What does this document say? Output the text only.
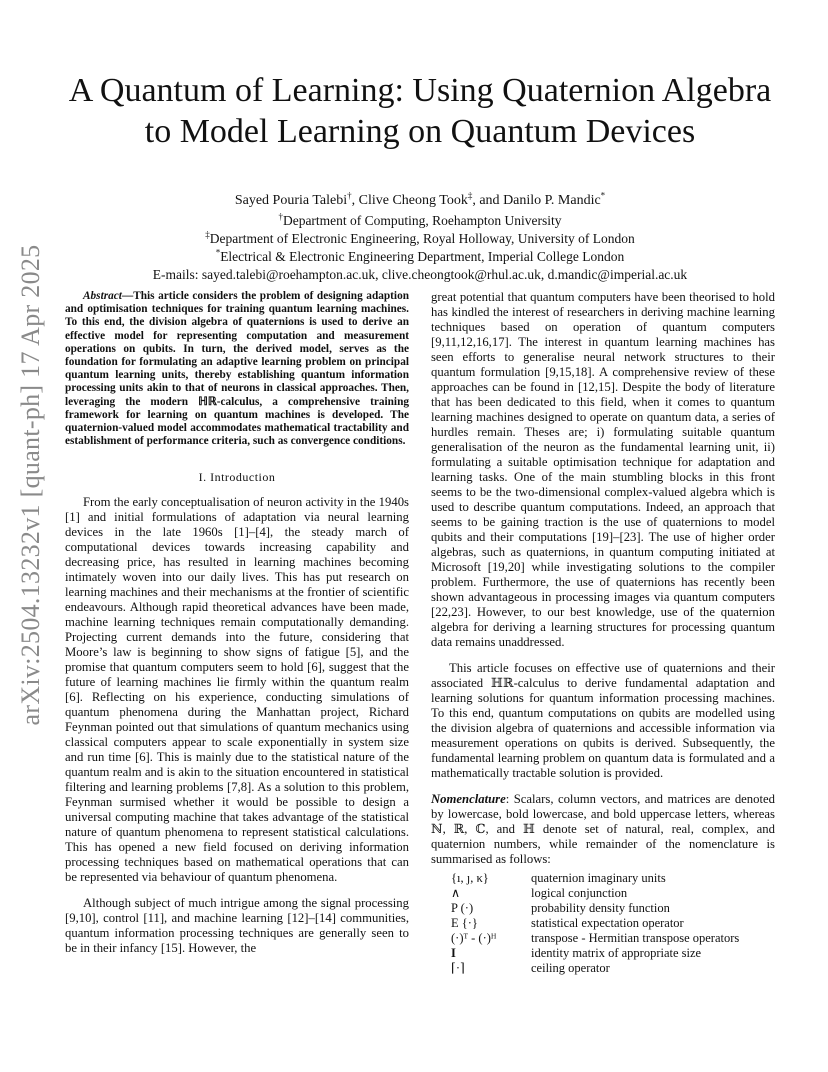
arXiv:2504.13232v1 [quant-ph] 17 Apr 2025
A Quantum of Learning: Using Quaternion Algebra
to Model Learning on Quantum Devices
Sayed Pouria Talebi†, Clive Cheong Took‡, and Danilo P. Mandic*
†Department of Computing, Roehampton University
‡Department of Electronic Engineering, Royal Holloway, University of London
*Electrical & Electronic Engineering Department, Imperial College London
E-mails: sayed.talebi@roehampton.ac.uk, clive.cheongtook@rhul.ac.uk, d.mandic@imperial.ac.uk

Abstract—This article considers the problem of designing adaption and optimisation techniques for training quantum learning machines. To this end, the division algebra of quaternions is used to derive an effective model for representing computation and measurement operations on qubits. In turn, the derived model, serves as the foundation for formulating an adaptive learning problem on principal quantum learning units, thereby establishing quantum information processing units akin to that of neurons in classical approaches. Then, leveraging the modern ℍℝ-calculus, a comprehensive training framework for learning on quantum machines is developed. The quaternion-valued model accommodates mathematical tractability and establishment of performance criteria, such as convergence conditions.

I. Introduction

From the early conceptualisation of neuron activity in the 1940s [1] and initial formulations of adaptation via neural learning devices in the late 1960s [1]–[4], the steady march of computational devices towards increasing capability and decreasing price, has resulted in learning machines becoming intimately woven into our daily lives. This has put research on learning machines and their mechanisms at the frontier of scientific endeavours. Although rapid theoretical advances have been made, machine learning techniques remain computationally demanding. Projecting current demands into the future, considering that Moore’s law is beginning to show signs of fatigue [5], and the promise that quantum computers seem to hold [6], suggest that the future of learning machines lie firmly within the quantum realm [6]. Reflecting on his experience, conducting simulations of quantum phenomena during the Manhattan project, Richard Feynman pointed out that simulations of quantum mechanics using classical computers appear to scale exponentially in system size and run time [6]. This is mainly due to the statistical nature of the quantum realm and is akin to the situation encountered in statistical filtering and learning problems [7,8]. As a solution to this problem, Feynman surmised whether it would be possible to design a universal computing machine that takes advantage of the statistical nature of quantum phenomena to represent statistical calculations. This has opened a new field focused on deriving information processing techniques based on mathematical operations that can be represented via behaviour of quantum phenomena.

Although subject of much intrigue among the signal processing [9,10], control [11], and machine learning [12]–[14] communities, quantum information processing techniques are generally seen to be in their infancy [15]. However, the

great potential that quantum computers have been theorised to hold has kindled the interest of researchers in deriving machine learning techniques based on operation of quantum computers [9,11,12,16,17]. The interest in quantum learning machines has seen efforts to generalise neural network structures to their quantum formulation [9,15,18]. A comprehensive review of these approaches can be found in [12,15]. Despite the body of literature that has been dedicated to this field, when it comes to quantum learning machines designed to operate on quantum data, a series of hurdles remain. Theses are; i) formulating suitable quantum generalisation of the neuron as the fundamental learning unit, ii) formulating a suitable optimisation technique for adaptation and learning tasks. One of the main stumbling blocks in this front seems to be the two-dimensional complex-valued algebra which is used to describe quantum computations. Indeed, an approach that seems to be gaining traction is the use of quaternions to model qubits and their computations [19]–[23]. The use of higher order algebras, such as quaternions, in quantum computing initiated at Microsoft [19,20] while investigating solutions to the compiler problem. Furthermore, the use of quaternions has recently been shown advantageous in processing images via quantum computers [22,23]. However, to our best knowledge, use of the quaternion algebra for deriving a learning structures for processing quantum data remains unaddressed.

This article focuses on effective use of quaternions and their associated ℍℝ-calculus to derive fundamental adaptation and learning solutions for quantum information processing machines. To this end, quantum computations on qubits are modelled using the division algebra of quaternions and accessible information via measurement operations on qubits is derived. Subsequently, the fundamental learning problem on quantum data is formulated and a mathematically tractable solution is provided.

Nomenclature: Scalars, column vectors, and matrices are denoted by lowercase, bold lowercase, and bold uppercase letters, whereas ℕ, ℝ, ℂ, and ℍ denote set of natural, real, complex, and quaternion numbers, while remainder of the nomenclature is summarised as follows:

{ı, ȷ, κ}	quaternion imaginary units
∧	logical conjunction
P (·)	probability density function
E {·}	statistical expectation operator
(·)ᵀ - (·)ᴴ	transpose - Hermitian transpose operators
I	identity matrix of appropriate size
⌈·⌉	ceiling operator
